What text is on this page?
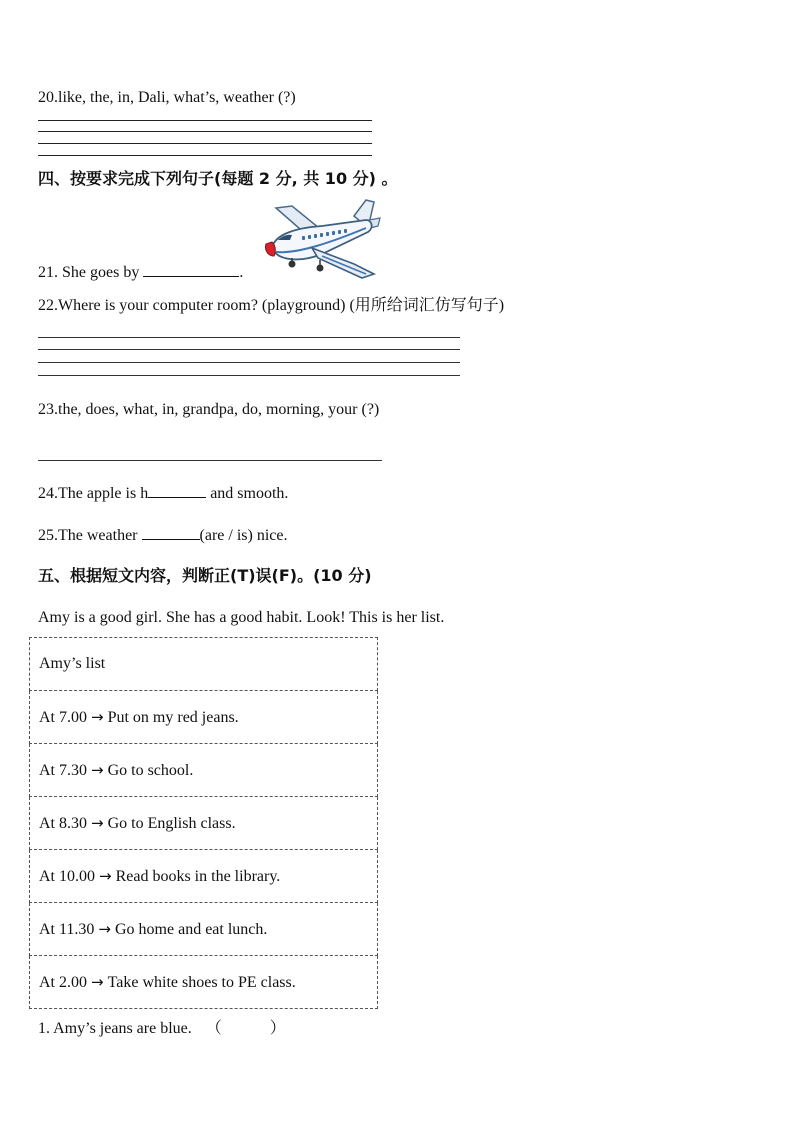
20.like, the, in, Dali, what’s, weather (?)
四、按要求完成下列句子(每题 2 分, 共 10 分) 。
21. She goes by	.
22.Where is your computer room? (playground) (用所给词汇仿写句子)
23.the, does, what, in, grandpa, do, morning, your (?)
24.The apple is h	and smooth.
25.The weather	(are / is) nice.
五、根据短文内容，判断正(T)误(F)。(10 分)
Amy is a good girl. She has a good habit. Look! This is her list.
Amy’s list
At 7.00 → Put on my red jeans.
At 7.30 → Go to school.
At 8.30 → Go to English class.
At 10.00 → Read books in the library.
At 11.30 → Go home and eat lunch.
At 2.00 → Take white shoes to PE class.
1. Amy’s jeans are blue. （	）
